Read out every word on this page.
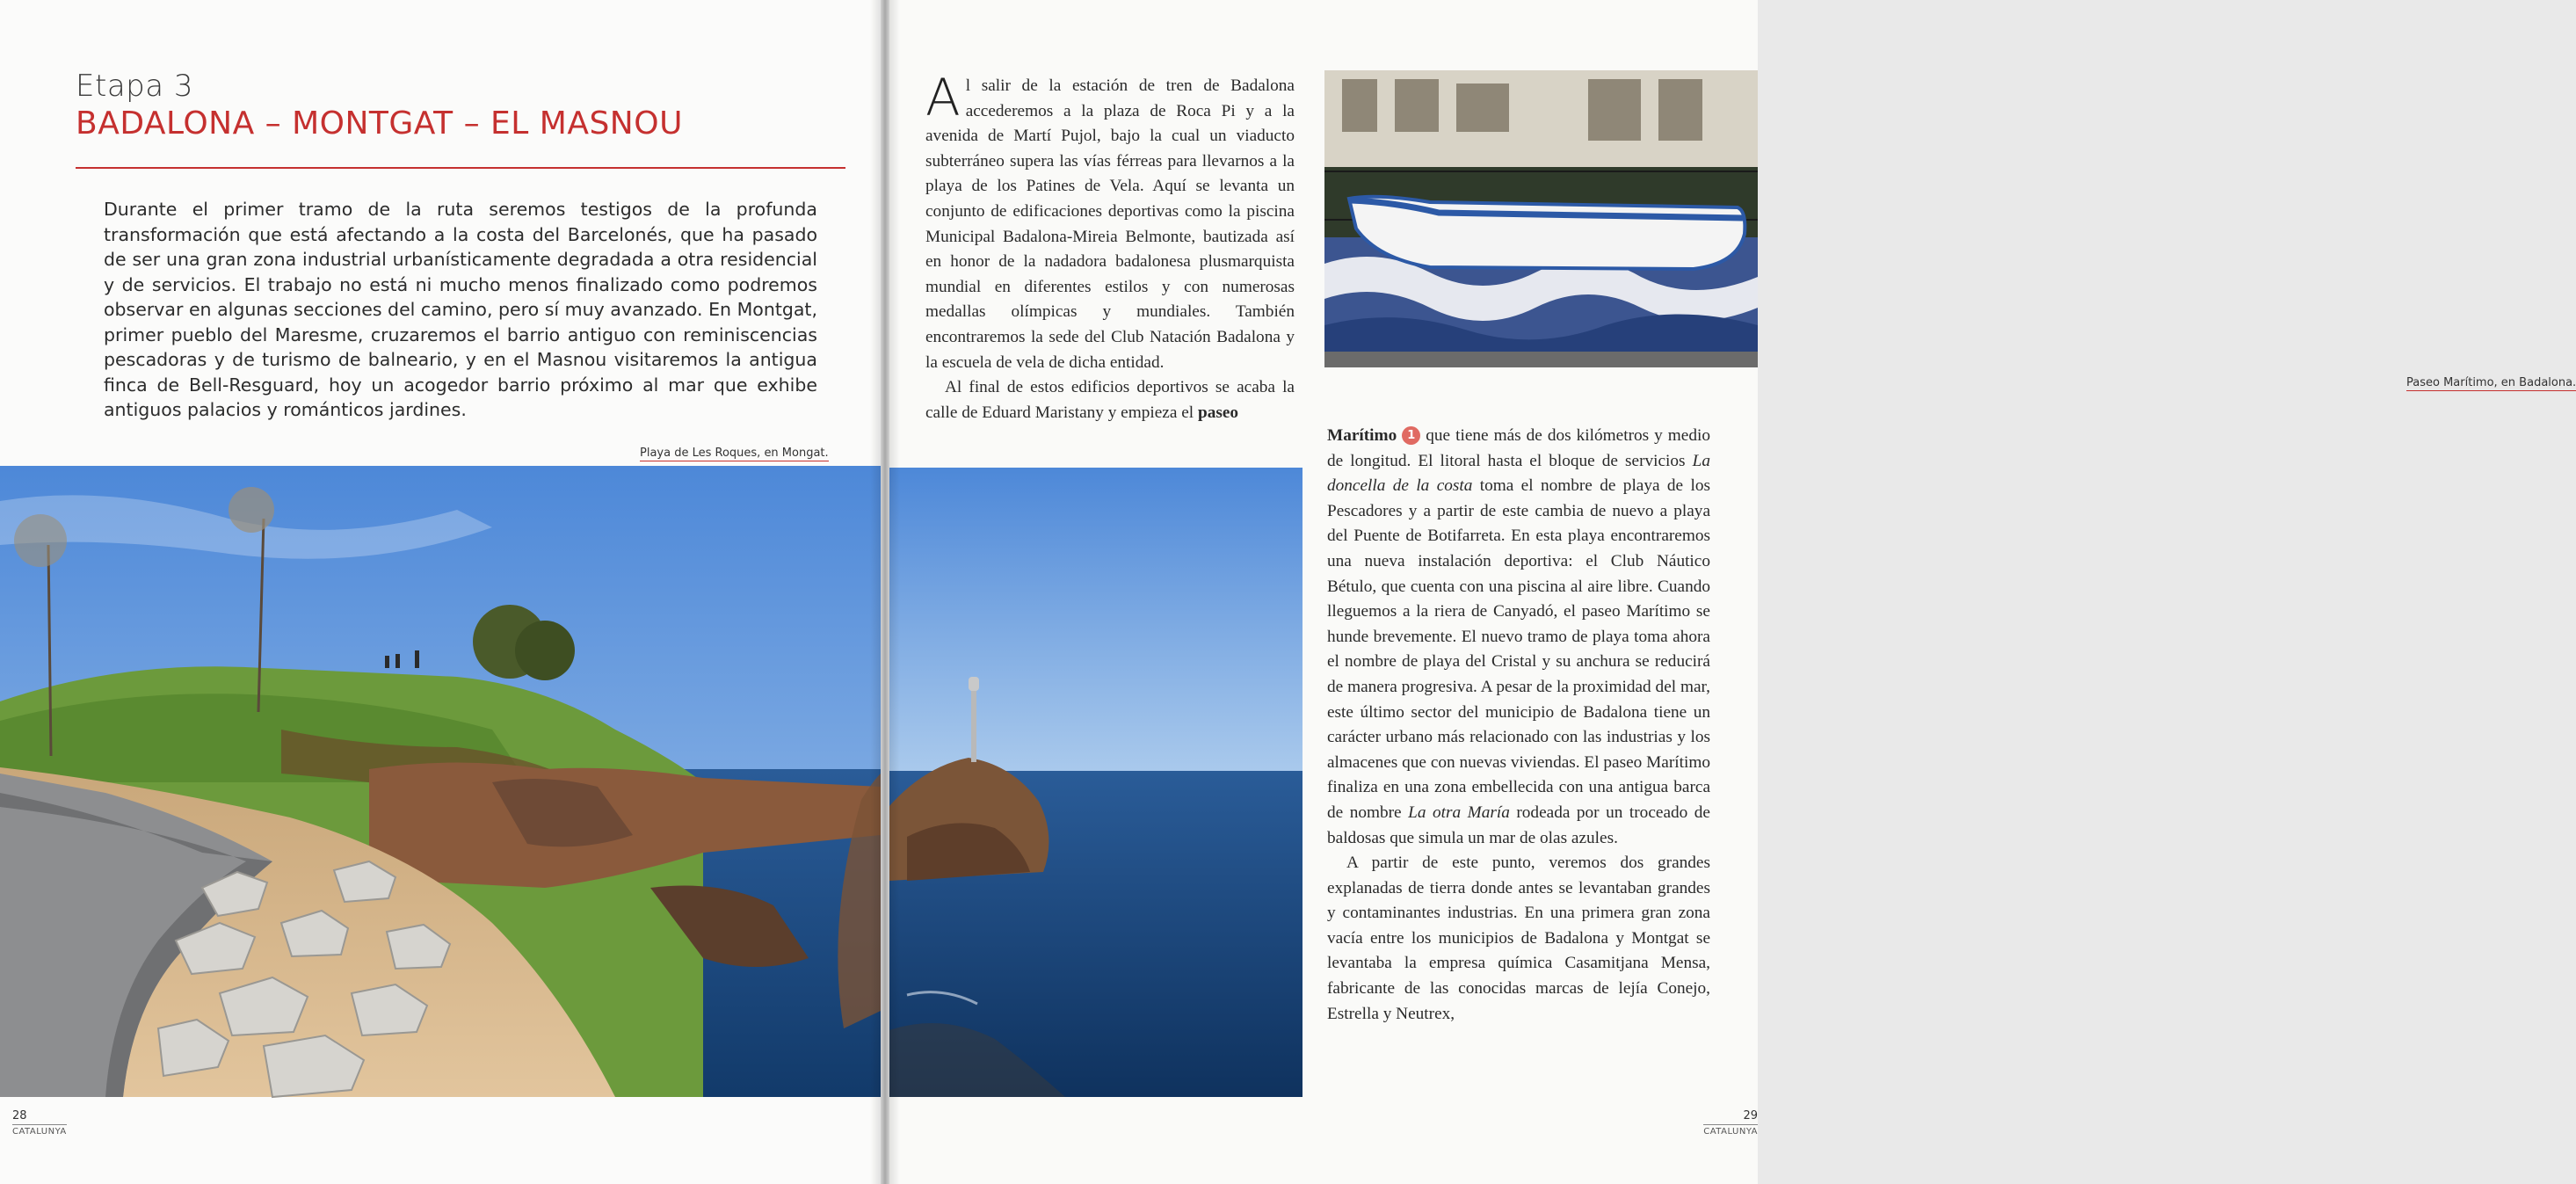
Etapa 3
BADALONA – MONTGAT – EL MASNOU
Durante el primer tramo de la ruta seremos testigos de la profunda transformación que está afectando a la costa del Barcelonés, que ha pasado de ser una gran zona industrial urbanísticamente degradada a otra residencial y de servicios. El trabajo no está ni mucho menos finalizado como podremos observar en algunas secciones del camino, pero sí muy avanzado. En Montgat, primer pueblo del Maresme, cruzaremos el barrio antiguo con reminiscencias pescadoras y de turismo de balneario, y en el Masnou visitaremos la antigua finca de Bell-Resguard, hoy un acogedor barrio próximo al mar que exhibe antiguos palacios y románticos jardines.
Playa de Les Roques, en Mongat.
28
CATALUNYA

Al salir de la estación de tren de Badalona accederemos a la plaza de Roca Pi y a la avenida de Martí Pujol, bajo la cual un viaducto subterráneo supera las vías férreas para llevarnos a la playa de los Patines de Vela. Aquí se levanta un conjunto de edificaciones deportivas como la piscina Municipal Badalona-Mireia Belmonte, bautizada así en honor de la nadadora badalonesa plusmarquista mundial en diferentes estilos y con numerosas medallas olímpicas y mundiales. También encontraremos la sede del Club Natación Badalona y la escuela de vela de dicha entidad.

Al final de estos edificios deportivos se acaba la calle de Eduard Maristany y empieza el paseo

Paseo Marítimo, en Badalona.

Marítimo 1 que tiene más de dos kilómetros y medio de longitud. El litoral hasta el bloque de servicios La doncella de la costa toma el nombre de playa de los Pescadores y a partir de este cambia de nuevo a playa del Puente de Botifarreta. En esta playa encontraremos una nueva instalación deportiva: el Club Náutico Bétulo, que cuenta con una piscina al aire libre. Cuando lleguemos a la riera de Canyadó, el paseo Marítimo se hunde brevemente. El nuevo tramo de playa toma ahora el nombre de playa del Cristal y su anchura se reducirá de manera progresiva. A pesar de la proximidad del mar, este último sector del municipio de Badalona tiene un carácter urbano más relacionado con las industrias y los almacenes que con nuevas viviendas. El paseo Marítimo finaliza en una zona embellecida con una antigua barca de nombre La otra María rodeada por un troceado de baldosas que simula un mar de olas azules.

A partir de este punto, veremos dos grandes explanadas de tierra donde antes se levantaban grandes y contaminantes industrias. En una primera gran zona vacía entre los municipios de Badalona y Montgat se levantaba la empresa química Casamitjana Mensa, fabricante de las conocidas marcas de lejía Conejo, Estrella y Neutrex,

29
CATALUNYA
